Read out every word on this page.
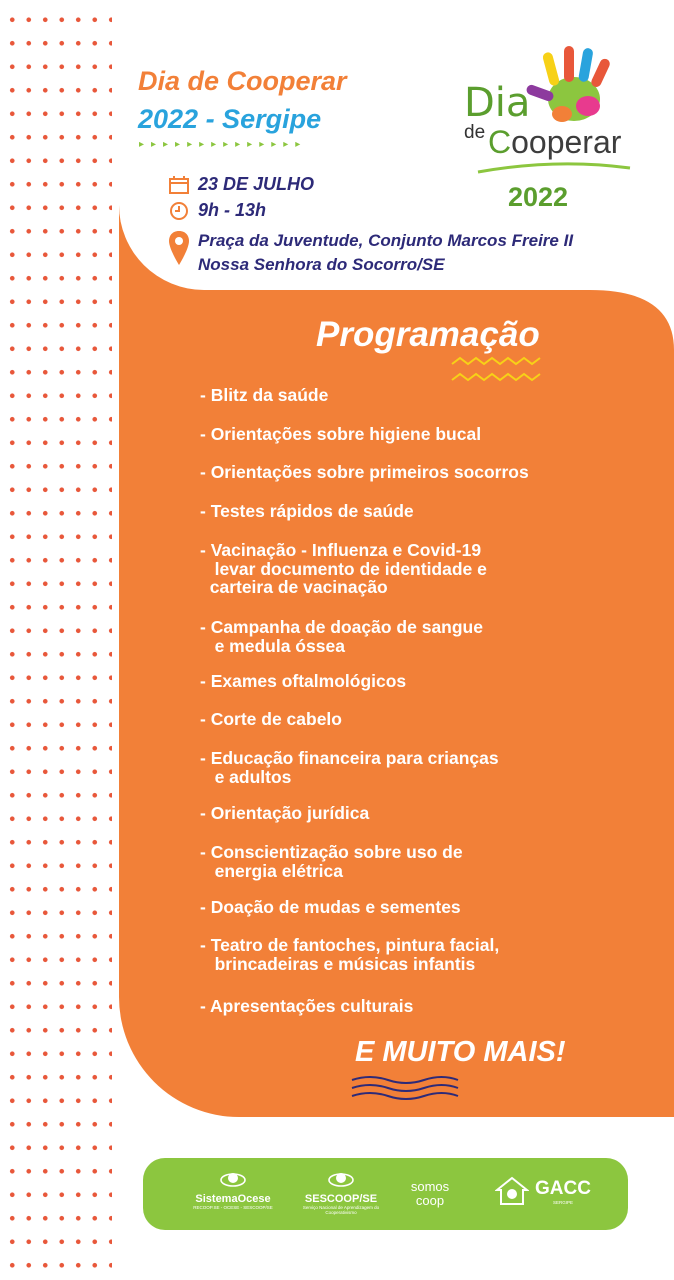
Dia de Cooperar
2022 - Sergipe

▸▸▸▸▸▸▸▸▸▸▸▸▸▸

23 DE JULHO

9h - 13h

Praça da Juventude, Conjunto Marcos Freire II
Nossa Senhora do Socorro/SE
Dia
de Cooperar
2022
Programação

- Blitz da saúde

- Orientações sobre higiene bucal

- Orientações sobre primeiros socorros

- Testes rápidos de saúde

- Vacinação - Influenza e Covid-19
levar documento de identidade e
carteira de vacinação

- Campanha de doação de sangue
e medula óssea

- Exames oftalmológicos

- Corte de cabelo

- Educação financeira para crianças
e adultos

- Orientação jurídica

- Conscientização sobre uso de
energia elétrica

- Doação de mudas e sementes

- Teatro de fantoches, pintura facial,
brincadeiras e músicas infantis

- Apresentações culturais

E MUITO MAIS!

SistemaOcese
RECOOP.SE - OCESE - SESCOOP/SE
SESCOOP/SE
Serviço Nacional de Aprendizagem do Cooperativismo
somos coop
GACC
SERGIPE
